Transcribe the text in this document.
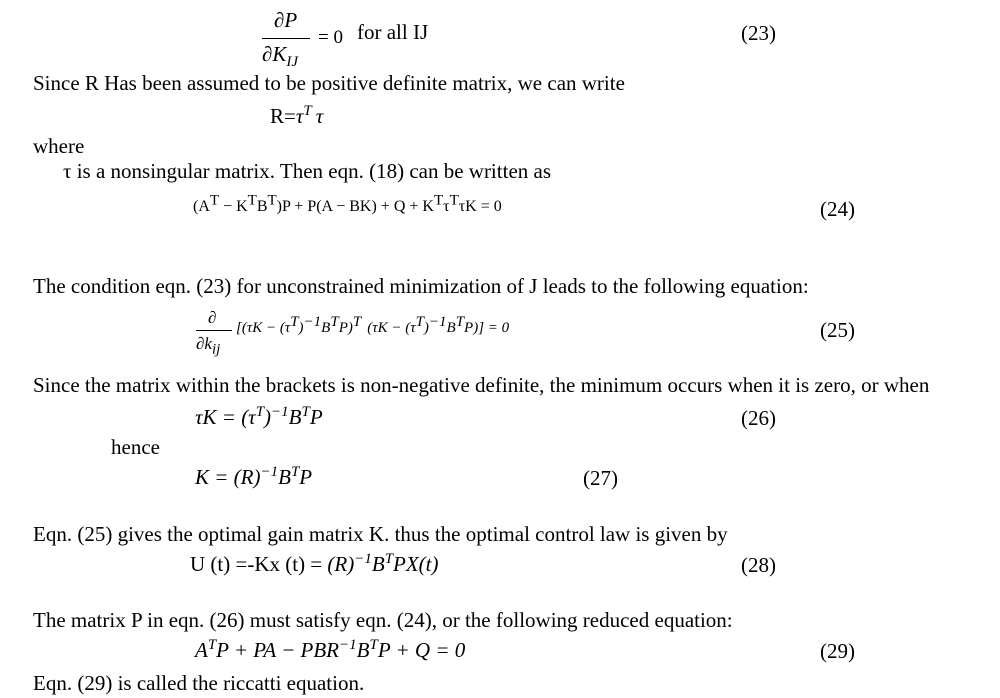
∂P
$\partial K_{IJ}$
= 0 for all IJ	(23)
Since R Has been assumed to be positive definite matrix, we can write
$R=\tau^T$ τ
where
τ is a nonsingular matrix. Then eqn. (18) can be written as
$(A^T - K^TB^T)P + P(A - BK) + Q + K^T\tau^T\tau K = 0$	(24)
The condition eqn. (23) for unconstrained minimization of J leads to the following equation:
∂
$\partial k_{ij}$
[$(\tau K - (\tau^T)^{-1}B^TP)^T$ $(\tau K - (\tau^T)^{-1}B^TP)] = 0$	(25)
Since the matrix within the brackets is non-negative definite, the minimum occurs when it is zero, or when
$\tau K = (\tau^T)^{-1}B^TP$	(26)
hence
$K = (R)^{-1}B^TP$	(27)
Eqn. (25) gives the optimal gain matrix K. thus the optimal control law is given by
U (t) =-Kx $(t) = (R)^{-1}B^TPX(t)$	(28)
The matrix P in eqn. (26) must satisfy eqn. (24), or the following reduced equation:
$A^TP$ + PA − $PBR^{-1}B^TP + Q = 0$	(29)
Eqn. (29) is called the riccatti equation.
